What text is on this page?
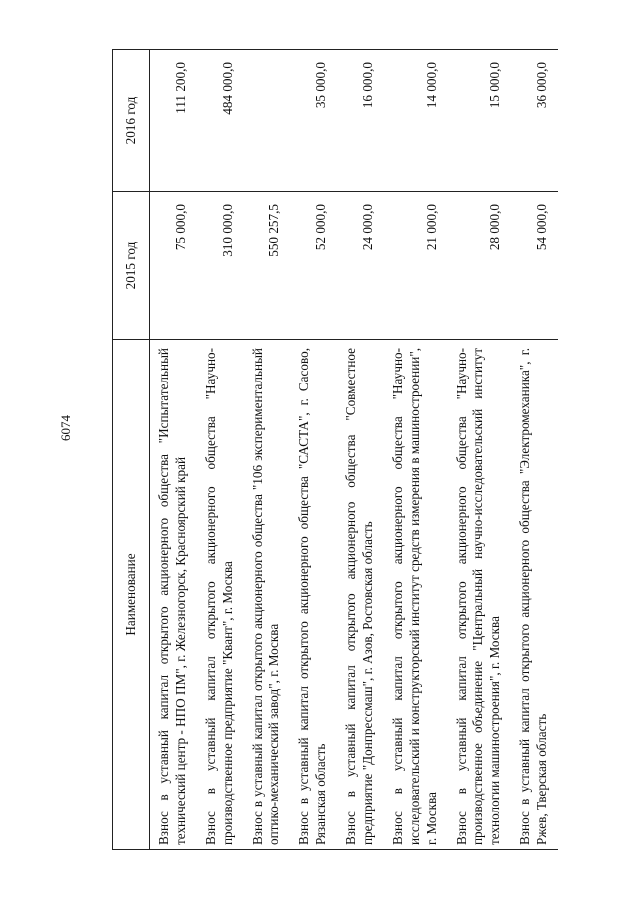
6074
Наименование	2015 год	2016 год
Взнос в уставный капитал открытого акционерного общества "Испытательный технический центр - НПО ПМ", г. Железногорск, Красноярский край	75 000,0	111 200,0
Взнос в уставный капитал открытого акционерного общества "Научно-производственное предприятие "Квант", г. Москва	310 000,0	484 000,0
Взнос в уставный капитал открытого акционерного общества "106 экспериментальный оптико-механический завод", г. Москва	550 257,5	
Взнос в уставный капитал открытого акционерного общества "САСТА", г. Сасово, Рязанская область	52 000,0	35 000,0
Взнос в уставный капитал открытого акционерного общества "Совместное предприятие "Донпрессмаш", г. Азов, Ростовская область	24 000,0	16 000,0
Взнос в уставный капитал открытого акционерного общества "Научно-исследовательский и конструкторский институт средств измерения в машиностроении", г. Москва	21 000,0	14 000,0
Взнос в уставный капитал открытого акционерного общества "Научно-производственное объединение "Центральный научно-исследовательский институт технологии машиностроения", г. Москва	28 000,0	15 000,0
Взнос в уставный капитал открытого акционерного общества "Электромеханика", г. Ржев, Тверская область	54 000,0	36 000,0
